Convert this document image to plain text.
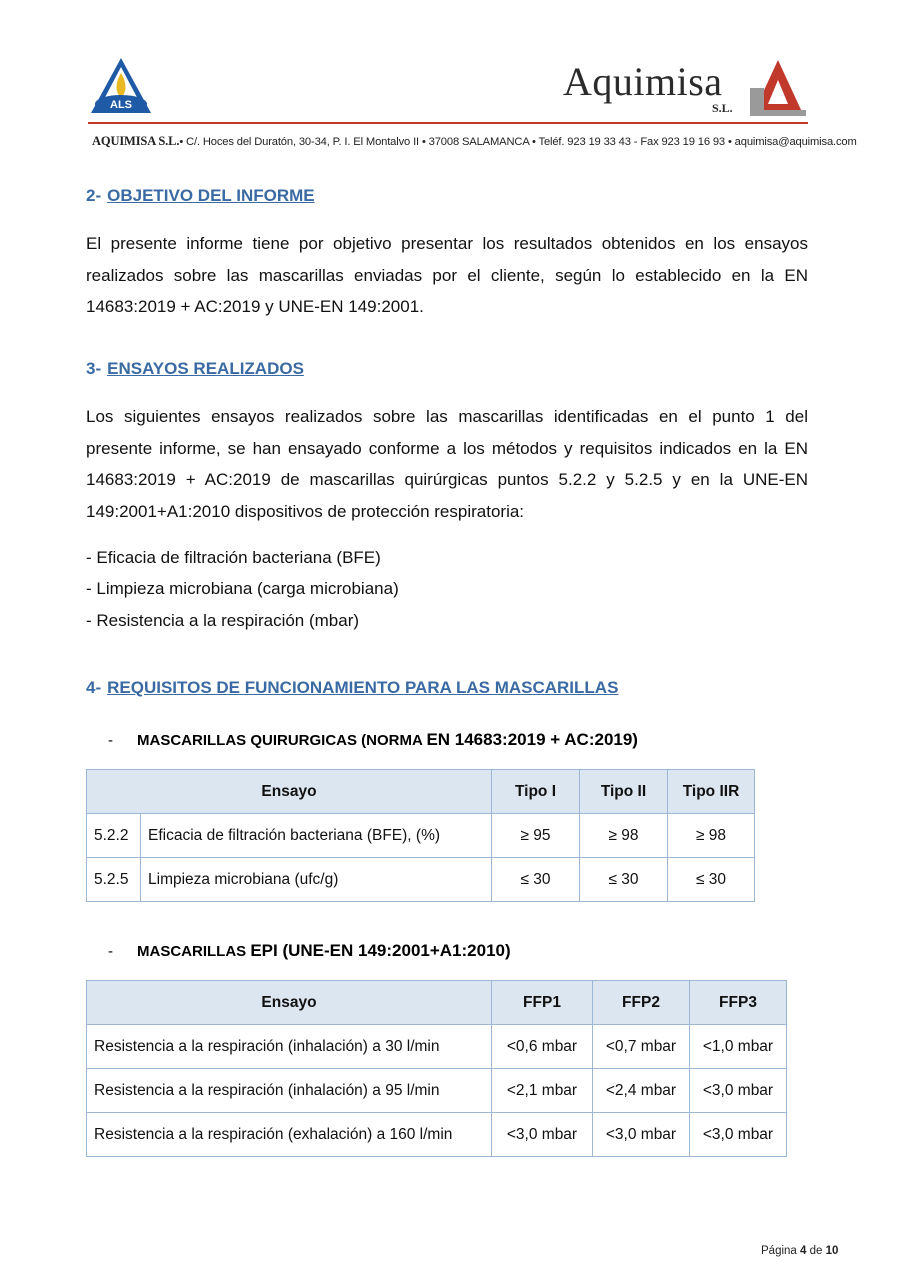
ALS
Aquimisa
S.L.
AQUIMISA S.L.• C/. Hoces del Duratón, 30-34, P. I. El Montalvo II • 37008 SALAMANCA • Teléf. 923 19 33 43 - Fax 923 19 16 93 • aquimisa@aquimisa.com
2- OBJETIVO DEL INFORME
El presente informe tiene por objetivo presentar los resultados obtenidos en los ensayos realizados sobre las mascarillas enviadas por el cliente, según lo establecido en la EN 14683:2019 + AC:2019 y UNE-EN 149:2001.
3- ENSAYOS REALIZADOS
Los siguientes ensayos realizados sobre las mascarillas identificadas en el punto 1 del presente informe, se han ensayado conforme a los métodos y requisitos indicados en la EN 14683:2019 + AC:2019 de mascarillas quirúrgicas puntos 5.2.2 y 5.2.5 y en la UNE-EN 149:2001+A1:2010 dispositivos de protección respiratoria:
- Eficacia de filtración bacteriana (BFE)
- Limpieza microbiana (carga microbiana)
- Resistencia a la respiración (mbar)
4- REQUISITOS DE FUNCIONAMIENTO PARA LAS MASCARILLAS
- MASCARILLAS QUIRURGICAS (NORMA EN 14683:2019 + AC:2019)
Ensayo		Tipo I	Tipo II	Tipo IIR
5.2.2	Eficacia de filtración bacteriana (BFE), (%)	≥ 95	≥ 98	≥ 98
5.2.5	Limpieza microbiana (ufc/g)	≤ 30	≤ 30	≤ 30
- MASCARILLAS EPI (UNE-EN 149:2001+A1:2010)
Ensayo	FFP1	FFP2	FFP3
Resistencia a la respiración (inhalación) a 30 l/min	<0,6 mbar	<0,7 mbar	<1,0 mbar
Resistencia a la respiración (inhalación) a 95 l/min	<2,1 mbar	<2,4 mbar	<3,0 mbar
Resistencia a la respiración (exhalación) a 160 l/min	<3,0 mbar	<3,0 mbar	<3,0 mbar
Página 4 de 10
